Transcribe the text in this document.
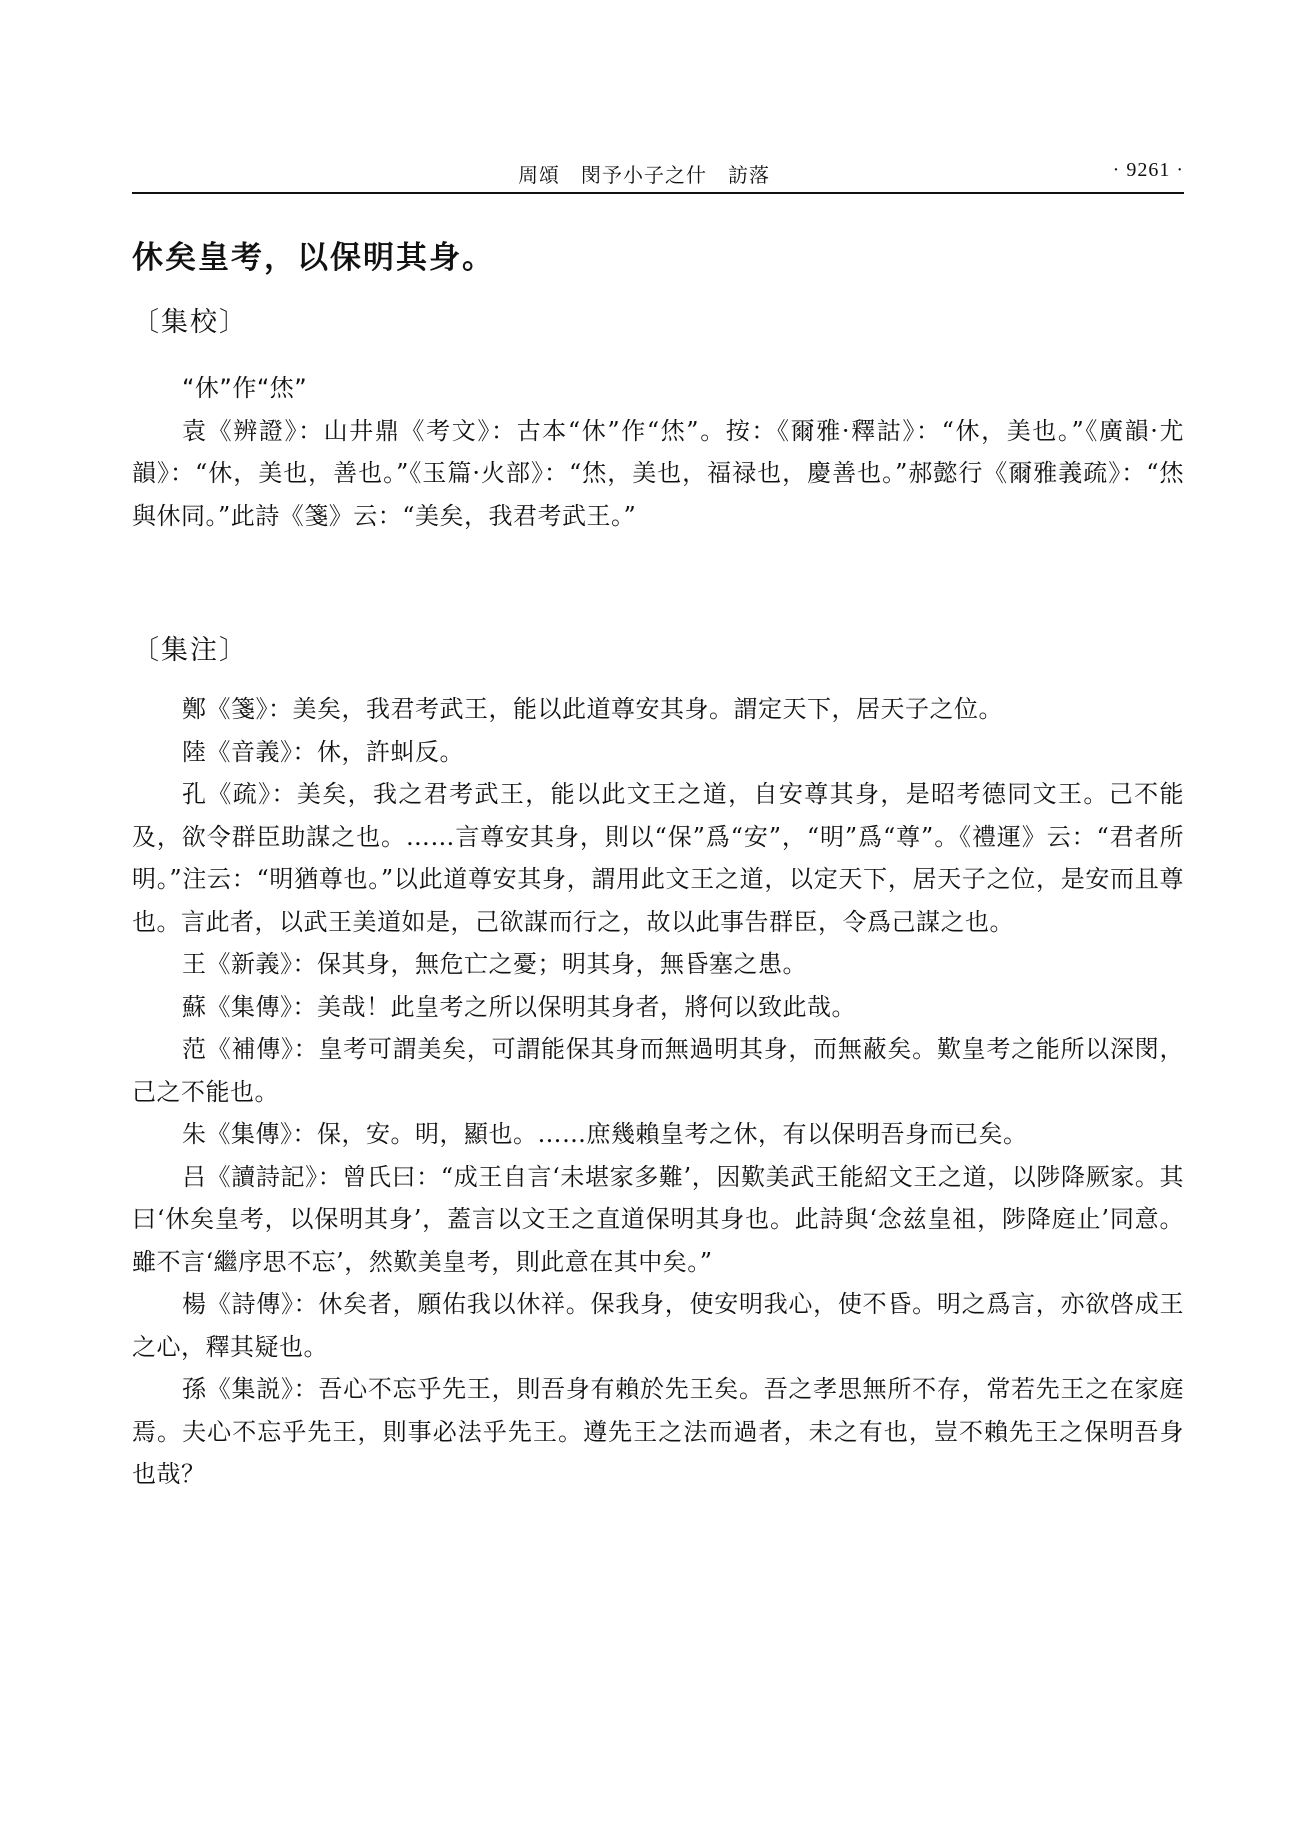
周頌　閔予小子之什　訪落	· 9261 ·
休矣皇考，以保明其身。
〔集校〕

“休”作“烋”

袁《辨證》：山井鼎《考文》：古本“休”作“烋”。按：《爾雅·釋詁》：“休，美也。”《廣韻·尤韻》：“休，美也，善也。”《玉篇·火部》：“烋，美也，福禄也，慶善也。”郝懿行《爾雅義疏》：“烋與休同。”此詩《箋》云：“美矣，我君考武王。”

〔集注〕

鄭《箋》：美矣，我君考武王，能以此道尊安其身。謂定天下，居天子之位。

陸《音義》：休，許虯反。

孔《疏》：美矣，我之君考武王，能以此文王之道，自安尊其身，是昭考德同文王。己不能及，欲令群臣助謀之也。……言尊安其身，則以“保”爲“安”，“明”爲“尊”。《禮運》云：“君者所明。”注云：“明猶尊也。”以此道尊安其身，謂用此文王之道，以定天下，居天子之位，是安而且尊也。言此者，以武王美道如是，己欲謀而行之，故以此事告群臣，令爲己謀之也。

王《新義》：保其身，無危亡之憂；明其身，無昏塞之患。

蘇《集傳》：美哉！此皇考之所以保明其身者，將何以致此哉。

范《補傳》：皇考可謂美矣，可謂能保其身而無過明其身，而無蔽矣。歎皇考之能所以深閔，己之不能也。

朱《集傳》：保，安。明，顯也。……庶幾賴皇考之休，有以保明吾身而已矣。

吕《讀詩記》：曾氏曰：“成王自言‘未堪家多難’，因歎美武王能紹文王之道，以陟降厥家。其曰‘休矣皇考，以保明其身’，蓋言以文王之直道保明其身也。此詩與‘念兹皇祖，陟降庭止’同意。雖不言‘繼序思不忘’，然歎美皇考，則此意在其中矣。”

楊《詩傳》：休矣者，願佑我以休祥。保我身，使安明我心，使不昏。明之爲言，亦欲啓成王之心，釋其疑也。

孫《集説》：吾心不忘乎先王，則吾身有賴於先王矣。吾之孝思無所不存，常若先王之在家庭焉。夫心不忘乎先王，則事必法乎先王。遵先王之法而過者，未之有也，豈不賴先王之保明吾身也哉？
